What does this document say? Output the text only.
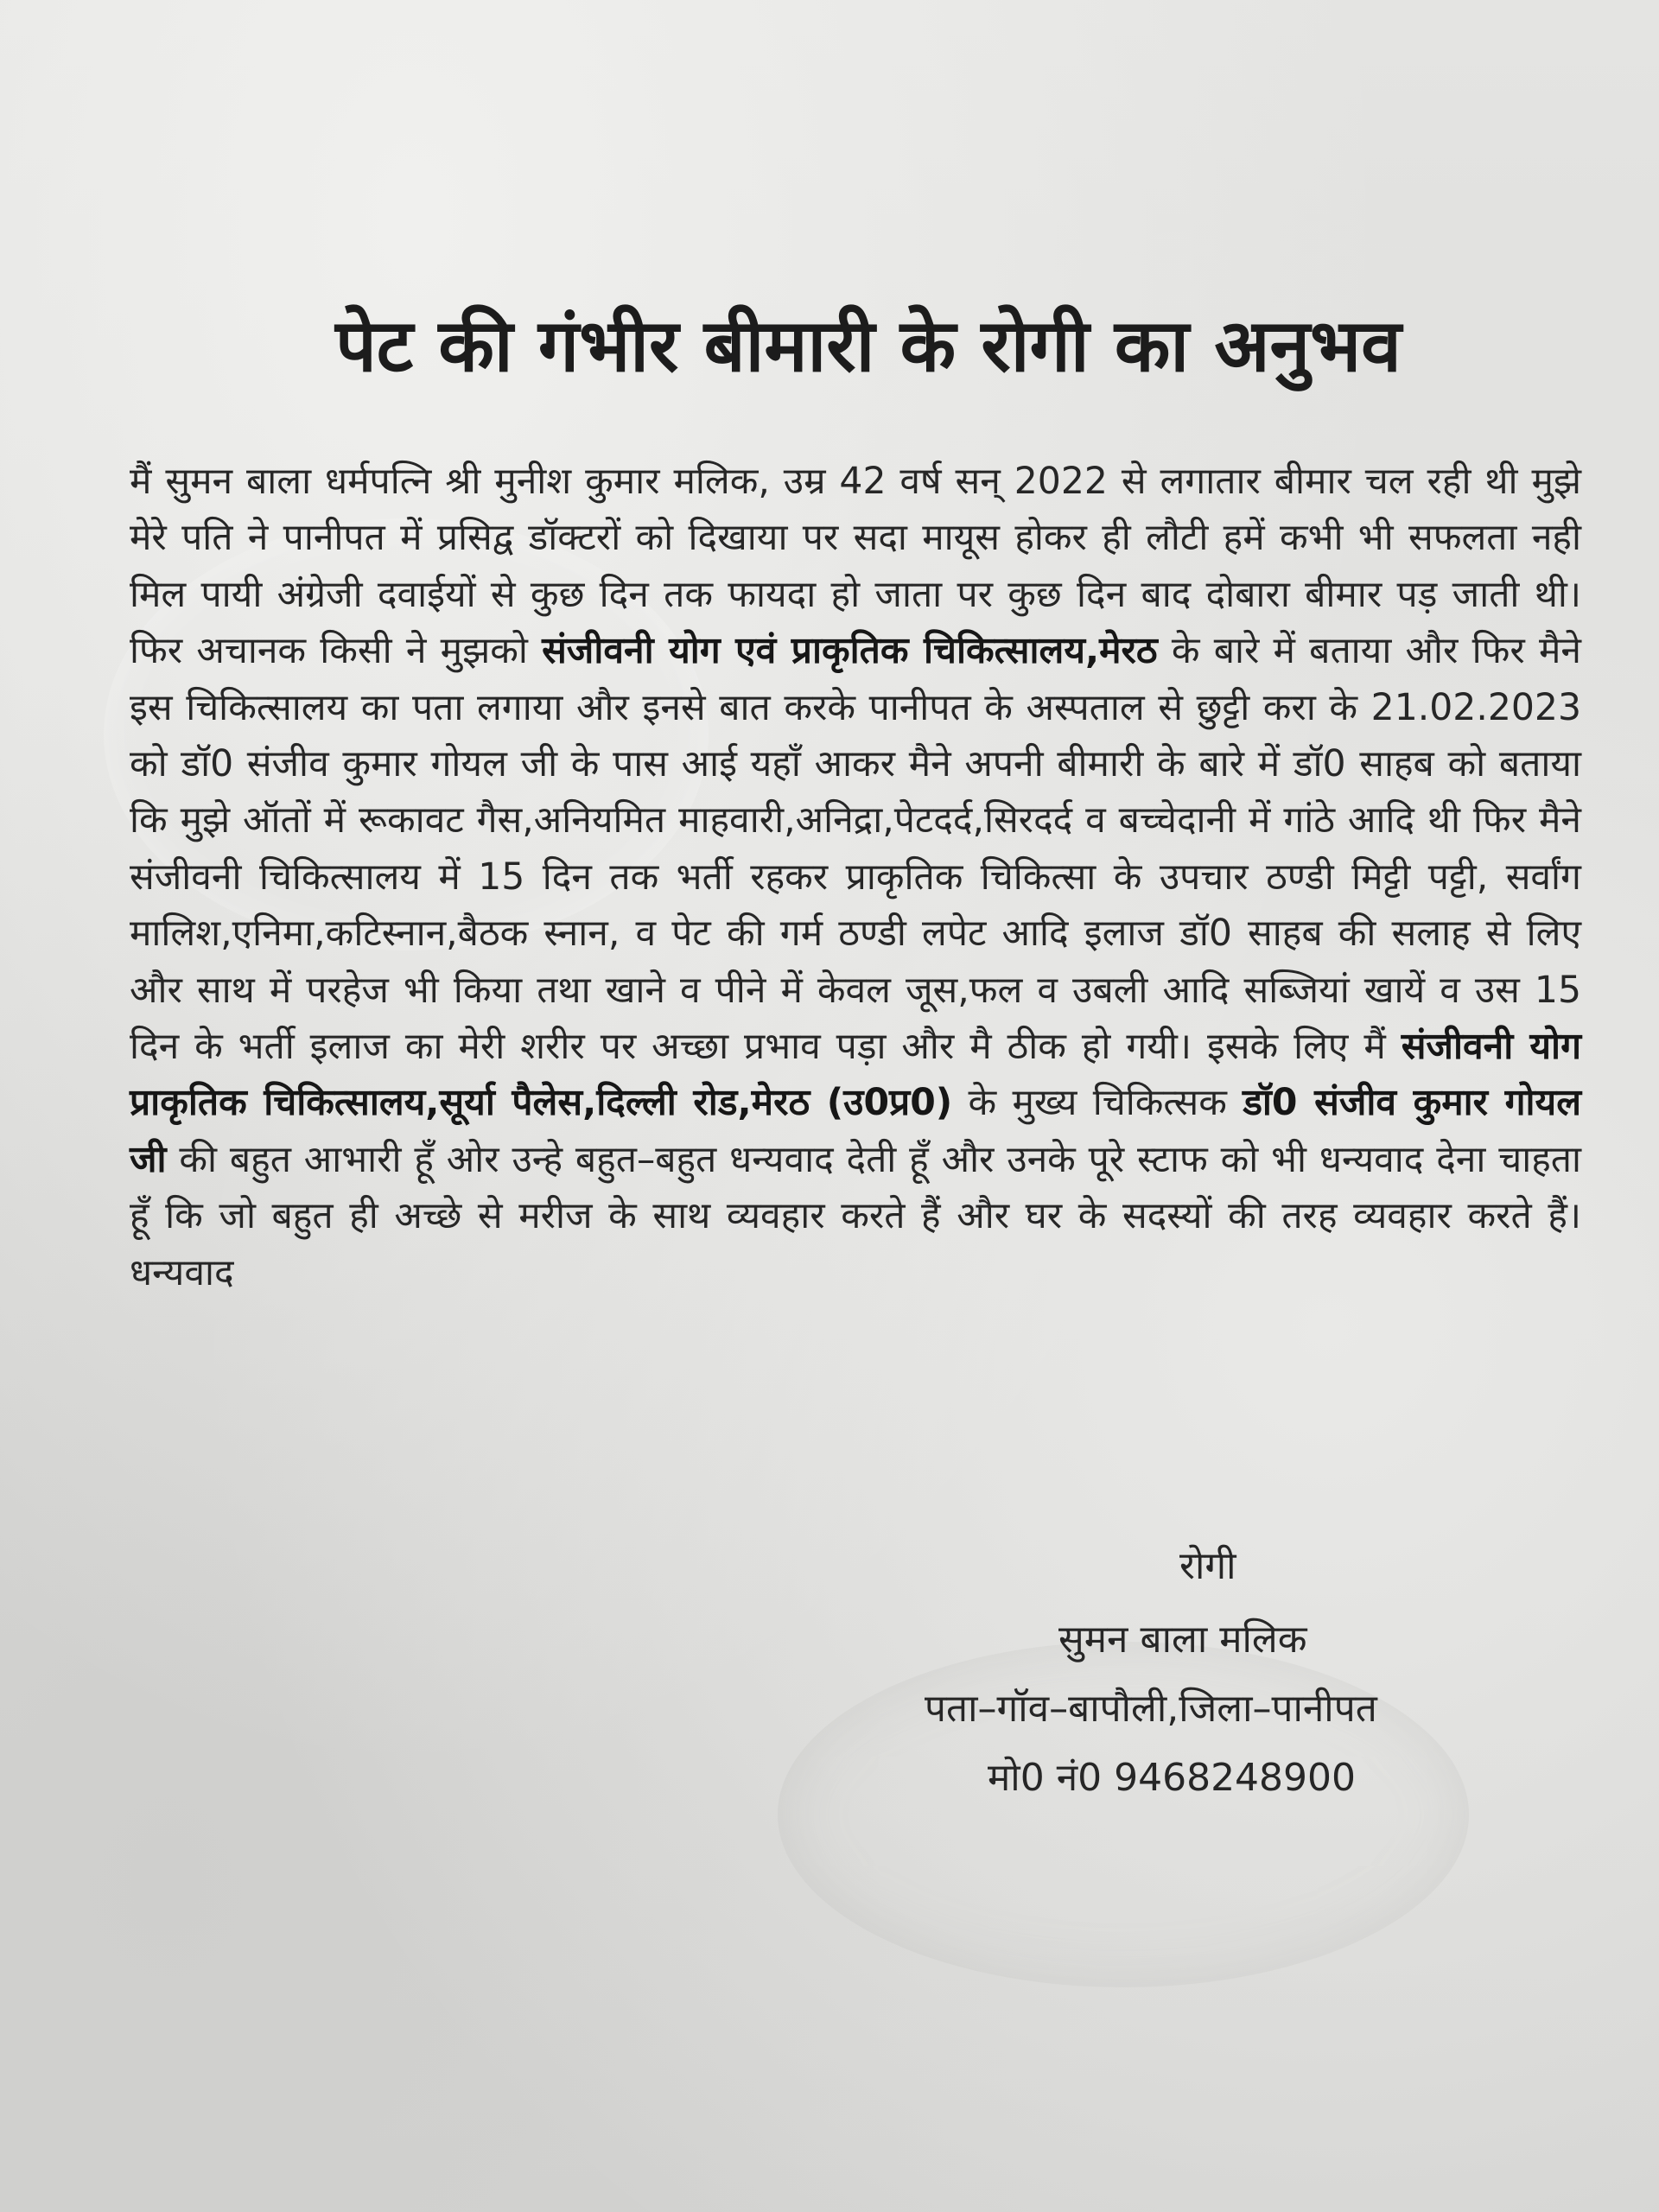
पेट की गंभीर बीमारी के रोगी का अनुभव

मैं सुमन बाला धर्मपत्नि श्री मुनीश कुमार मलिक, उम्र 42 वर्ष सन् 2022 से लगातार बीमार चल रही थी मुझे मेरे पति ने पानीपत में प्रसिद्व डॉक्टरों को दिखाया पर सदा मायूस होकर ही लौटी हमें कभी भी सफलता नही मिल पायी अंग्रेजी दवाईयों से कुछ दिन तक फायदा हो जाता पर कुछ दिन बाद दोबारा बीमार पड़ जाती थी। फिर अचानक किसी ने मुझको संजीवनी योग एवं प्राकृतिक चिकित्सालय,मेरठ के बारे में बताया और फिर मैने इस चिकित्सालय का पता लगाया और इनसे बात करके पानीपत के अस्पताल से छुट्टी करा के 21.02.2023 को डॉ0 संजीव कुमार गोयल जी के पास आई यहाँ आकर मैने अपनी बीमारी के बारे में डॉ0 साहब को बताया कि मुझे ऑतों में रूकावट गैस,अनियमित माहवारी,अनिद्रा,पेटदर्द,सिरदर्द व बच्चेदानी में गांठे आदि थी फिर मैने संजीवनी चिकित्सालय में 15 दिन तक भर्ती रहकर प्राकृतिक चिकित्सा के उपचार ठण्डी मिट्टी पट्टी, सर्वांग मालिश,एनिमा,कटिस्नान,बैठक स्नान, व पेट की गर्म ठण्डी लपेट आदि इलाज डॉ0 साहब की सलाह से लिए और साथ में परहेज भी किया तथा खाने व पीने में केवल जूस,फल व उबली आदि सब्जियां खायें व उस 15 दिन के भर्ती इलाज का मेरी शरीर पर अच्छा प्रभाव पड़ा और मै ठीक हो गयी। इसके लिए मैं संजीवनी योग प्राकृतिक चिकित्सालय,सूर्या पैलेस,दिल्ली रोड,मेरठ (उ0प्र0) के मुख्य चिकित्सक डॉ0 संजीव कुमार गोयल जी की बहुत आभारी हूँ ओर उन्हे बहुत–बहुत धन्यवाद देती हूँ और उनके पूरे स्टाफ को भी धन्यवाद देना चाहता हूँ कि जो बहुत ही अच्छे से मरीज के साथ व्यवहार करते हैं और घर के सदस्यों की तरह व्यवहार करते हैं। धन्यवाद

रोगी
सुमन बाला मलिक
पता–गॉव–बापौली,जिला–पानीपत
मो0 नं0 9468248900
